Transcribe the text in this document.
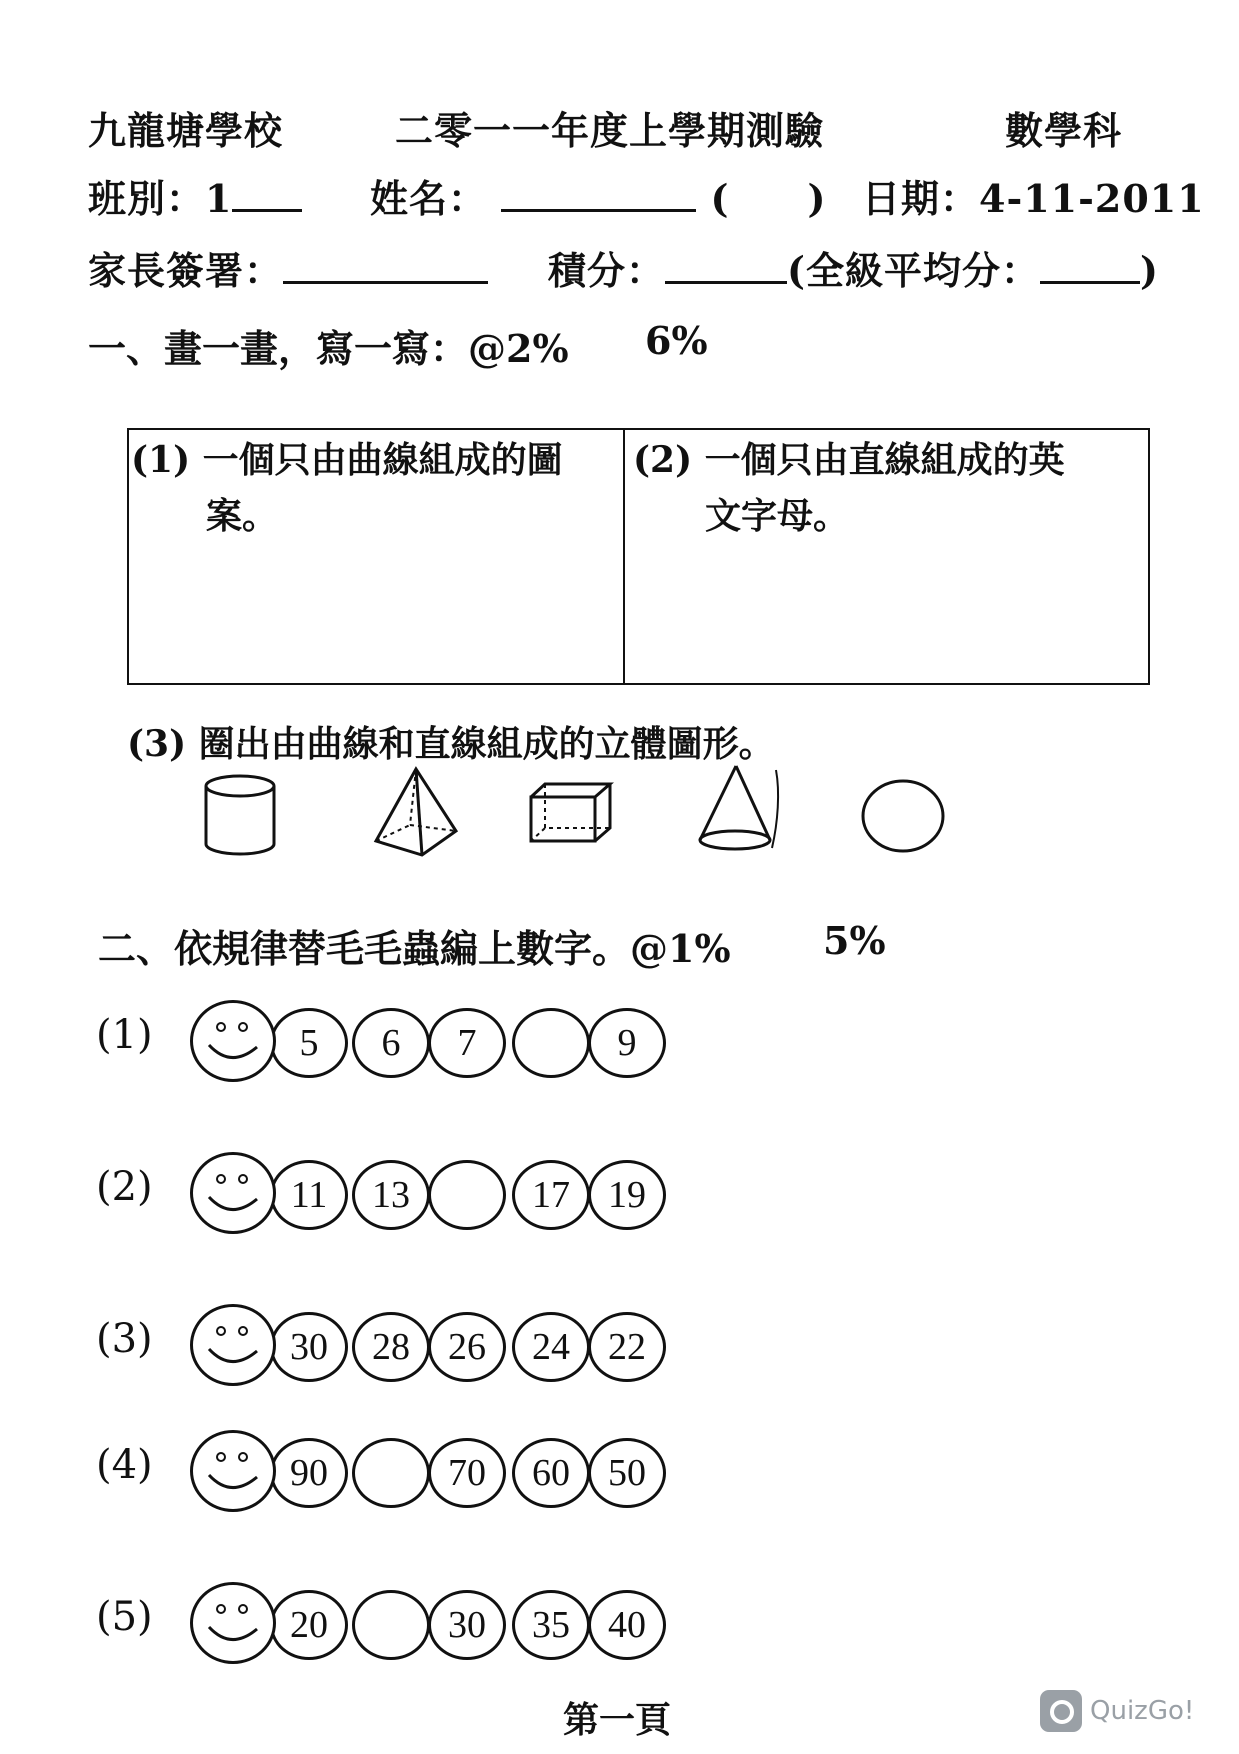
九龍塘學校	二零一一年度上學期測驗	數學科
班別：1	姓名：	(　　) 日期：4-11-2011
家長簽署：	積分：	(全級平均分：	)
一、畫一畫，寫一寫：@2% 6%
(1) 一個只由曲線組成的圖
案。
(2) 一個只由直線組成的英
文字母。
(3) 圈出由曲線和直線組成的立體圖形。
二、依規律替毛毛蟲編上數字。@1% 5%
(1)	5	6	7	9
(2)	11	13	17	19
(3)	30	28	26	24	22
(4)	90	70	60	50
(5)	20	30	35	40
第一頁	QuizGo!
